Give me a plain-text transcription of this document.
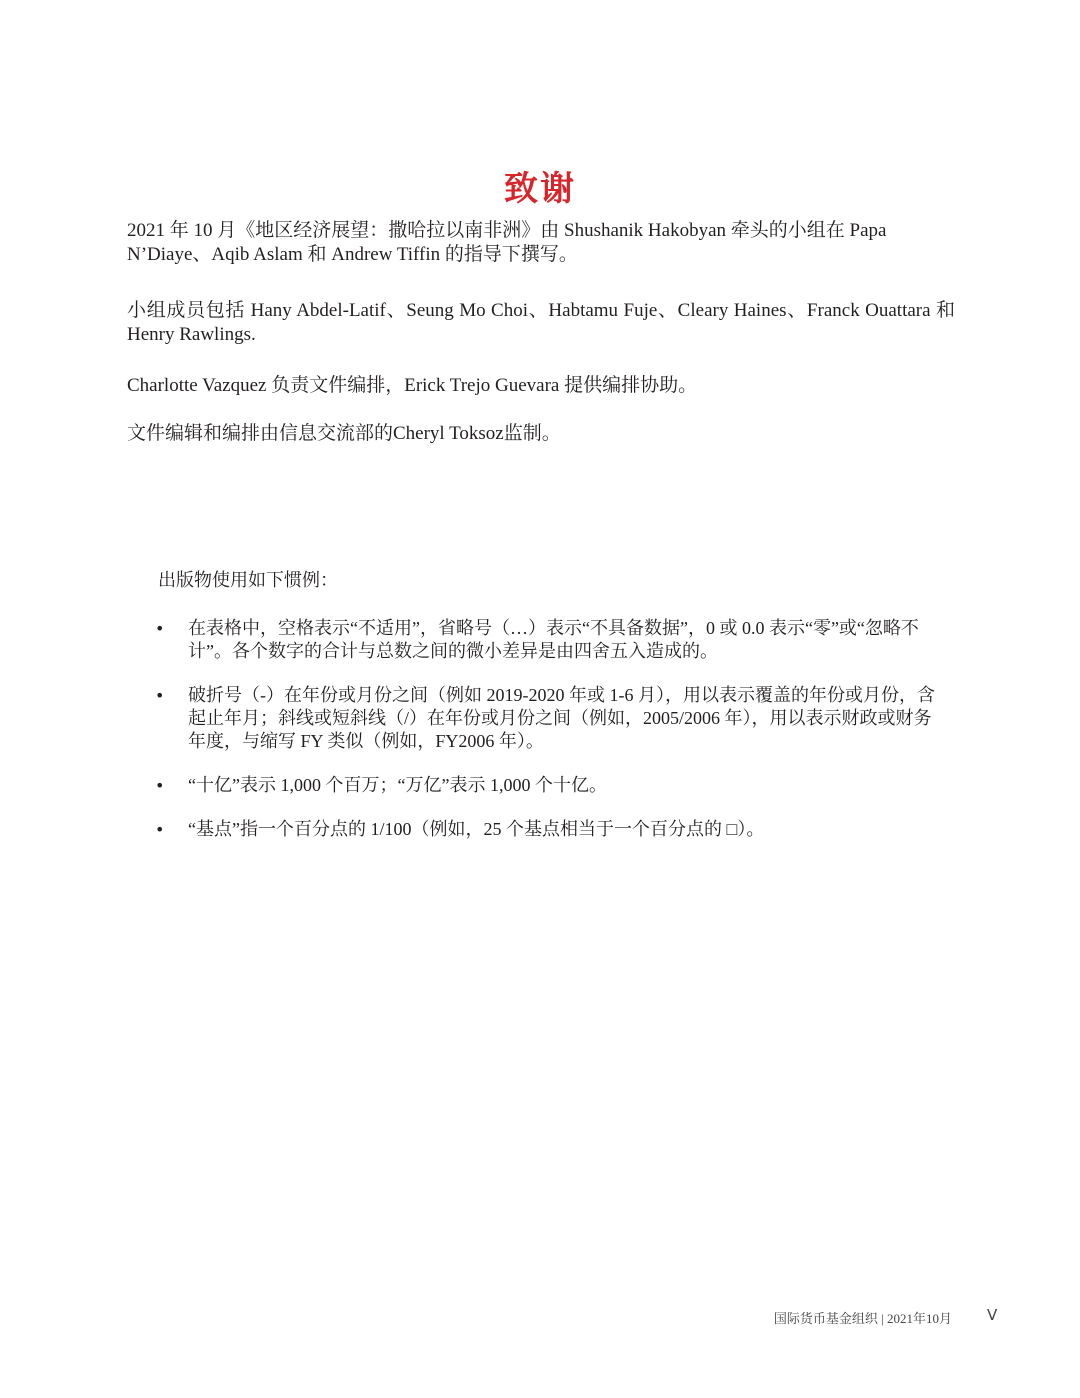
致谢

2021 年 10 月《地区经济展望：撒哈拉以南非洲》由 Shushanik Hakobyan 牵头的小组在 Papa N’Diaye、Aqib Aslam 和 Andrew Tiffin 的指导下撰写。

小组成员包括 Hany Abdel-Latif、Seung Mo Choi、Habtamu Fuje、Cleary Haines、Franck Ouattara 和 Henry Rawlings.

Charlotte Vazquez 负责文件编排，Erick Trejo Guevara 提供编排协助。

文件编辑和编排由信息交流部的Cheryl Toksoz监制。

出版物使用如下惯例：

• 在表格中，空格表示“不适用”，省略号（…）表示“不具备数据”，0 或 0.0 表示“零”或“忽略不计”。各个数字的合计与总数之间的微小差异是由四舍五入造成的。
• 破折号（-）在年份或月份之间（例如 2019-2020 年或 1-6 月），用以表示覆盖的年份或月份，含起止年月；斜线或短斜线（/）在年份或月份之间（例如，2005/2006 年），用以表示财政或财务年度，与缩写 FY 类似（例如，FY2006 年）。
• “十亿”表示 1,000 个百万；“万亿”表示 1,000 个十亿。
• “基点”指一个百分点的 1/100（例如，25 个基点相当于一个百分点的 □）。
国际货币基金组织 | 2021年10月 V
